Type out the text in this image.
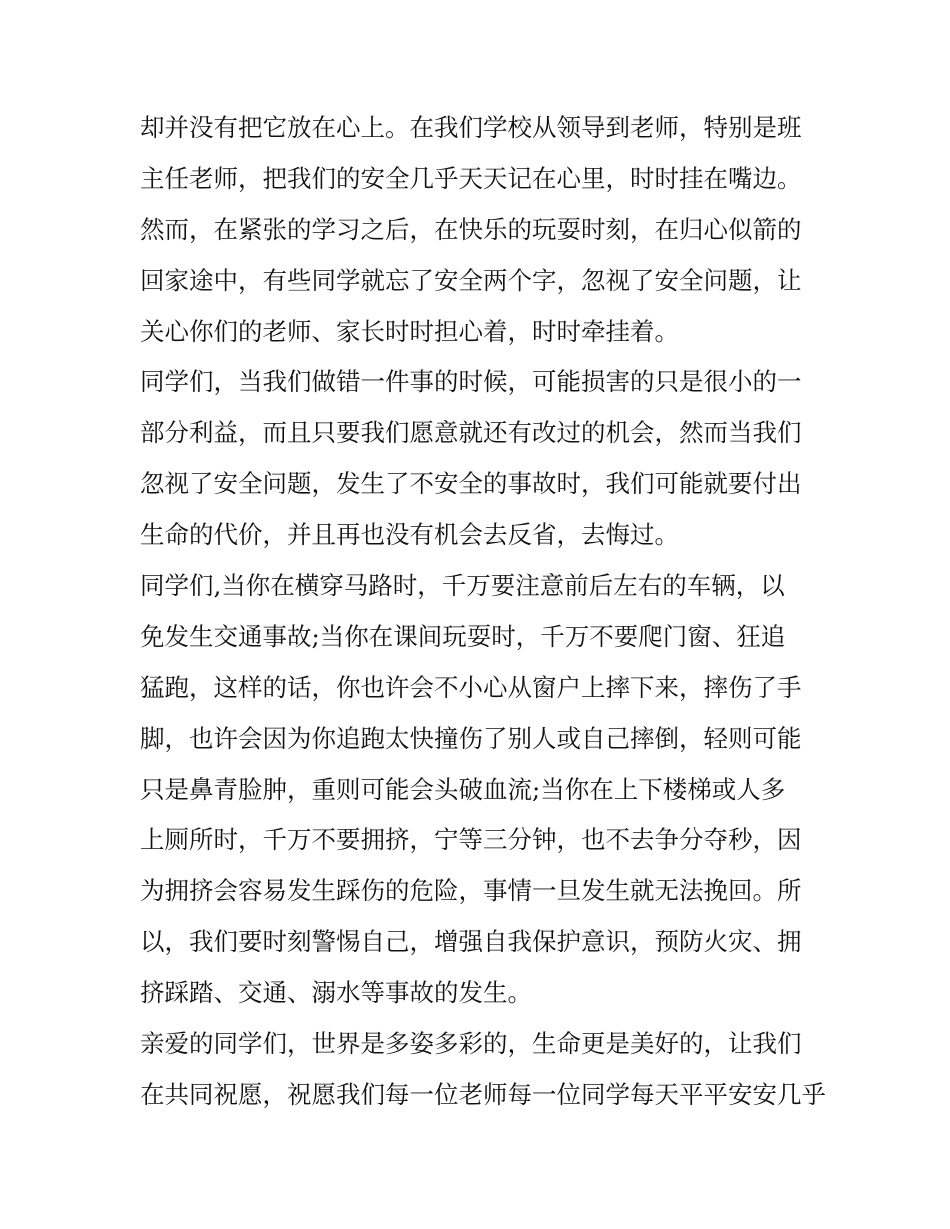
却并没有把它放在心上。在我们学校从领导到老师，特别是班
主任老师，把我们的安全几乎天天记在心里，时时挂在嘴边。
然而，在紧张的学习之后，在快乐的玩耍时刻，在归心似箭的
回家途中，有些同学就忘了安全两个字，忽视了安全问题，让
关心你们的老师、家长时时担心着，时时牵挂着。
同学们，当我们做错一件事的时候，可能损害的只是很小的一
部分利益，而且只要我们愿意就还有改过的机会，然而当我们
忽视了安全问题，发生了不安全的事故时，我们可能就要付出
生命的代价，并且再也没有机会去反省，去悔过。
同学们,当你在横穿马路时，千万要注意前后左右的车辆，以
免发生交通事故;当你在课间玩耍时，千万不要爬门窗、狂追
猛跑，这样的话，你也许会不小心从窗户上摔下来，摔伤了手
脚，也许会因为你追跑太快撞伤了别人或自己摔倒，轻则可能
只是鼻青脸肿，重则可能会头破血流;当你在上下楼梯或人多
上厕所时，千万不要拥挤，宁等三分钟，也不去争分夺秒，因
为拥挤会容易发生踩伤的危险，事情一旦发生就无法挽回。所
以，我们要时刻警惕自己，增强自我保护意识，预防火灾、拥
挤踩踏、交通、溺水等事故的发生。
亲爱的同学们，世界是多姿多彩的，生命更是美好的，让我们
在共同祝愿，祝愿我们每一位老师每一位同学每天平平安安几乎
